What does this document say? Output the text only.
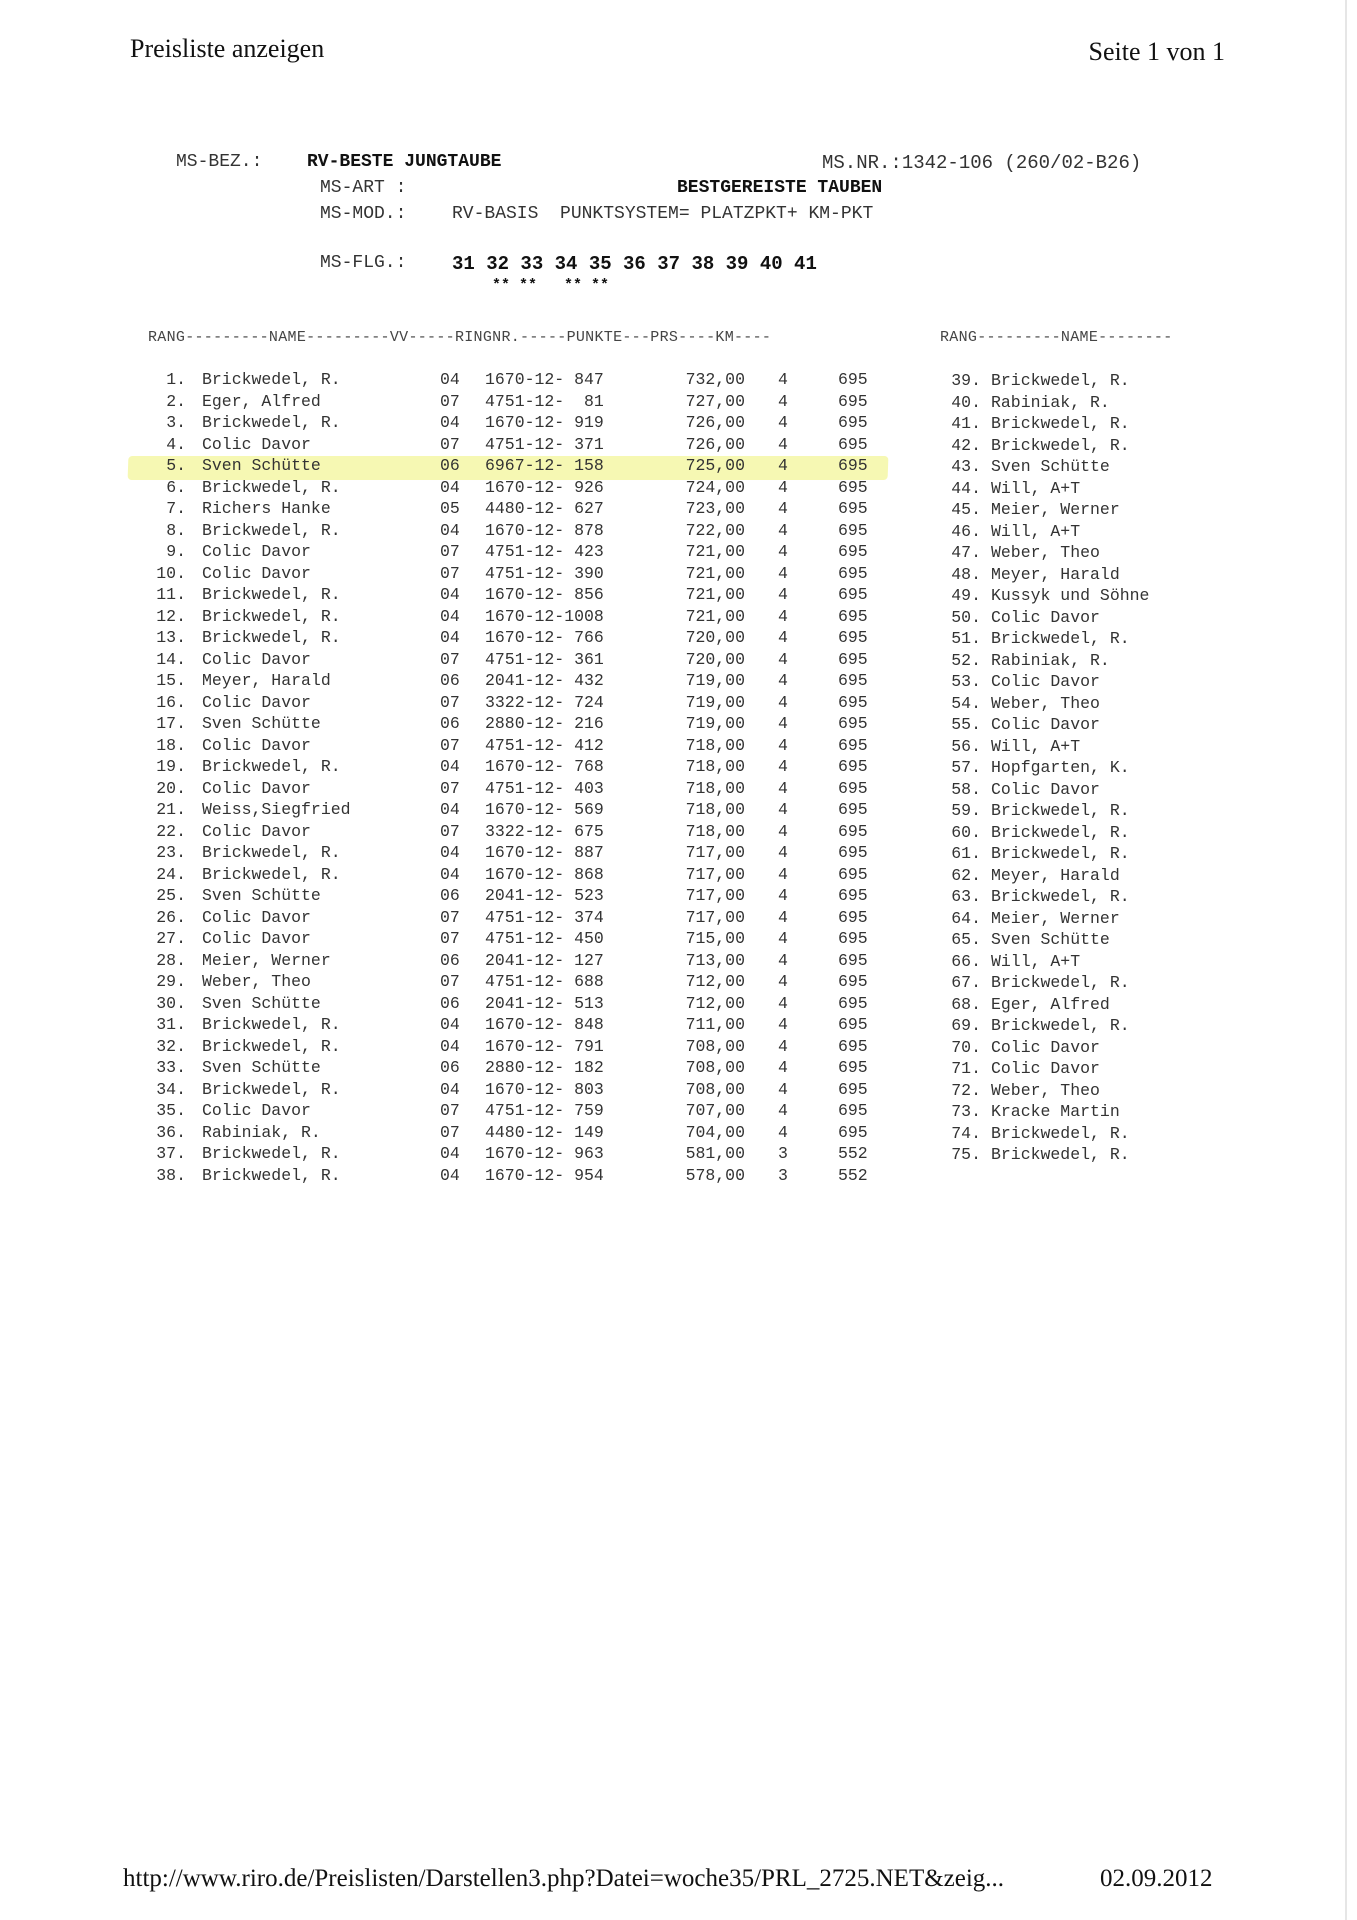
Preisliste anzeigen	Seite 1 von 1
MS-BEZ.: RV-BESTE JUNGTAUBE	MS.NR.:1342-106 (260/02-B26)
MS-ART :	BESTGEREISTE TAUBEN
MS-MOD.:	RV-BASIS  PUNKTSYSTEM= PLATZPKT+ KM-PKT
MS-FLG.: 31 32 33 34 35 36 37 38 39 40 41
** **   ** **
RANG---------NAME---------VV-----RINGNR.-----PUNKTE---PRS----KM----	RANG---------NAME--------
1. Brickwedel, R.	04 1670-12- 847	732,00 4	695
2. Eger, Alfred	07 4751-12-  81	727,00 4	695
3. Brickwedel, R.	04 1670-12- 919	726,00 4	695
4. Colic Davor	07 4751-12- 371	726,00 4	695
5. Sven Schütte	06 6967-12- 158	725,00 4	695
6. Brickwedel, R.	04 1670-12- 926	724,00 4	695
7. Richers Hanke	05 4480-12- 627	723,00 4	695
8. Brickwedel, R.	04 1670-12- 878	722,00 4	695
9. Colic Davor	07 4751-12- 423	721,00 4	695
10. Colic Davor	07 4751-12- 390	721,00 4	695
11. Brickwedel, R.	04 1670-12- 856	721,00 4	695
12. Brickwedel, R.	04 1670-12-1008	721,00 4	695
13. Brickwedel, R.	04 1670-12- 766	720,00 4	695
14. Colic Davor	07 4751-12- 361	720,00 4	695
15. Meyer, Harald	06 2041-12- 432	719,00 4	695
16. Colic Davor	07 3322-12- 724	719,00 4	695
17. Sven Schütte	06 2880-12- 216	719,00 4	695
18. Colic Davor	07 4751-12- 412	718,00 4	695
19. Brickwedel, R.	04 1670-12- 768	718,00 4	695
20. Colic Davor	07 4751-12- 403	718,00 4	695
21. Weiss,Siegfried	04 1670-12- 569	718,00 4	695
22. Colic Davor	07 3322-12- 675	718,00 4	695
23. Brickwedel, R.	04 1670-12- 887	717,00 4	695
24. Brickwedel, R.	04 1670-12- 868	717,00 4	695
25. Sven Schütte	06 2041-12- 523	717,00 4	695
26. Colic Davor	07 4751-12- 374	717,00 4	695
27. Colic Davor	07 4751-12- 450	715,00 4	695
28. Meier, Werner	06 2041-12- 127	713,00 4	695
29. Weber, Theo	07 4751-12- 688	712,00 4	695
30. Sven Schütte	06 2041-12- 513	712,00 4	695
31. Brickwedel, R.	04 1670-12- 848	711,00 4	695
32. Brickwedel, R.	04 1670-12- 791	708,00 4	695
33. Sven Schütte	06 2880-12- 182	708,00 4	695
34. Brickwedel, R.	04 1670-12- 803	708,00 4	695
35. Colic Davor	07 4751-12- 759	707,00 4	695
36. Rabiniak, R.	07 4480-12- 149	704,00 4	695
37. Brickwedel, R.	04 1670-12- 963	581,00 3	552
38. Brickwedel, R.	04 1670-12- 954	578,00 3	552
39. Brickwedel, R.
40. Rabiniak, R.
41. Brickwedel, R.
42. Brickwedel, R.
43. Sven Schütte
44. Will, A+T
45. Meier, Werner
46. Will, A+T
47. Weber, Theo
48. Meyer, Harald
49. Kussyk und Söhne
50. Colic Davor
51. Brickwedel, R.
52. Rabiniak, R.
53. Colic Davor
54. Weber, Theo
55. Colic Davor
56. Will, A+T
57. Hopfgarten, K.
58. Colic Davor
59. Brickwedel, R.
60. Brickwedel, R.
61. Brickwedel, R.
62. Meyer, Harald
63. Brickwedel, R.
64. Meier, Werner
65. Sven Schütte
66. Will, A+T
67. Brickwedel, R.
68. Eger, Alfred
69. Brickwedel, R.
70. Colic Davor
71. Colic Davor
72. Weber, Theo
73. Kracke Martin
74. Brickwedel, R.
75. Brickwedel, R.
http://www.riro.de/Preislisten/Darstellen3.php?Datei=woche35/PRL_2725.NET&zeig...	02.09.2012
